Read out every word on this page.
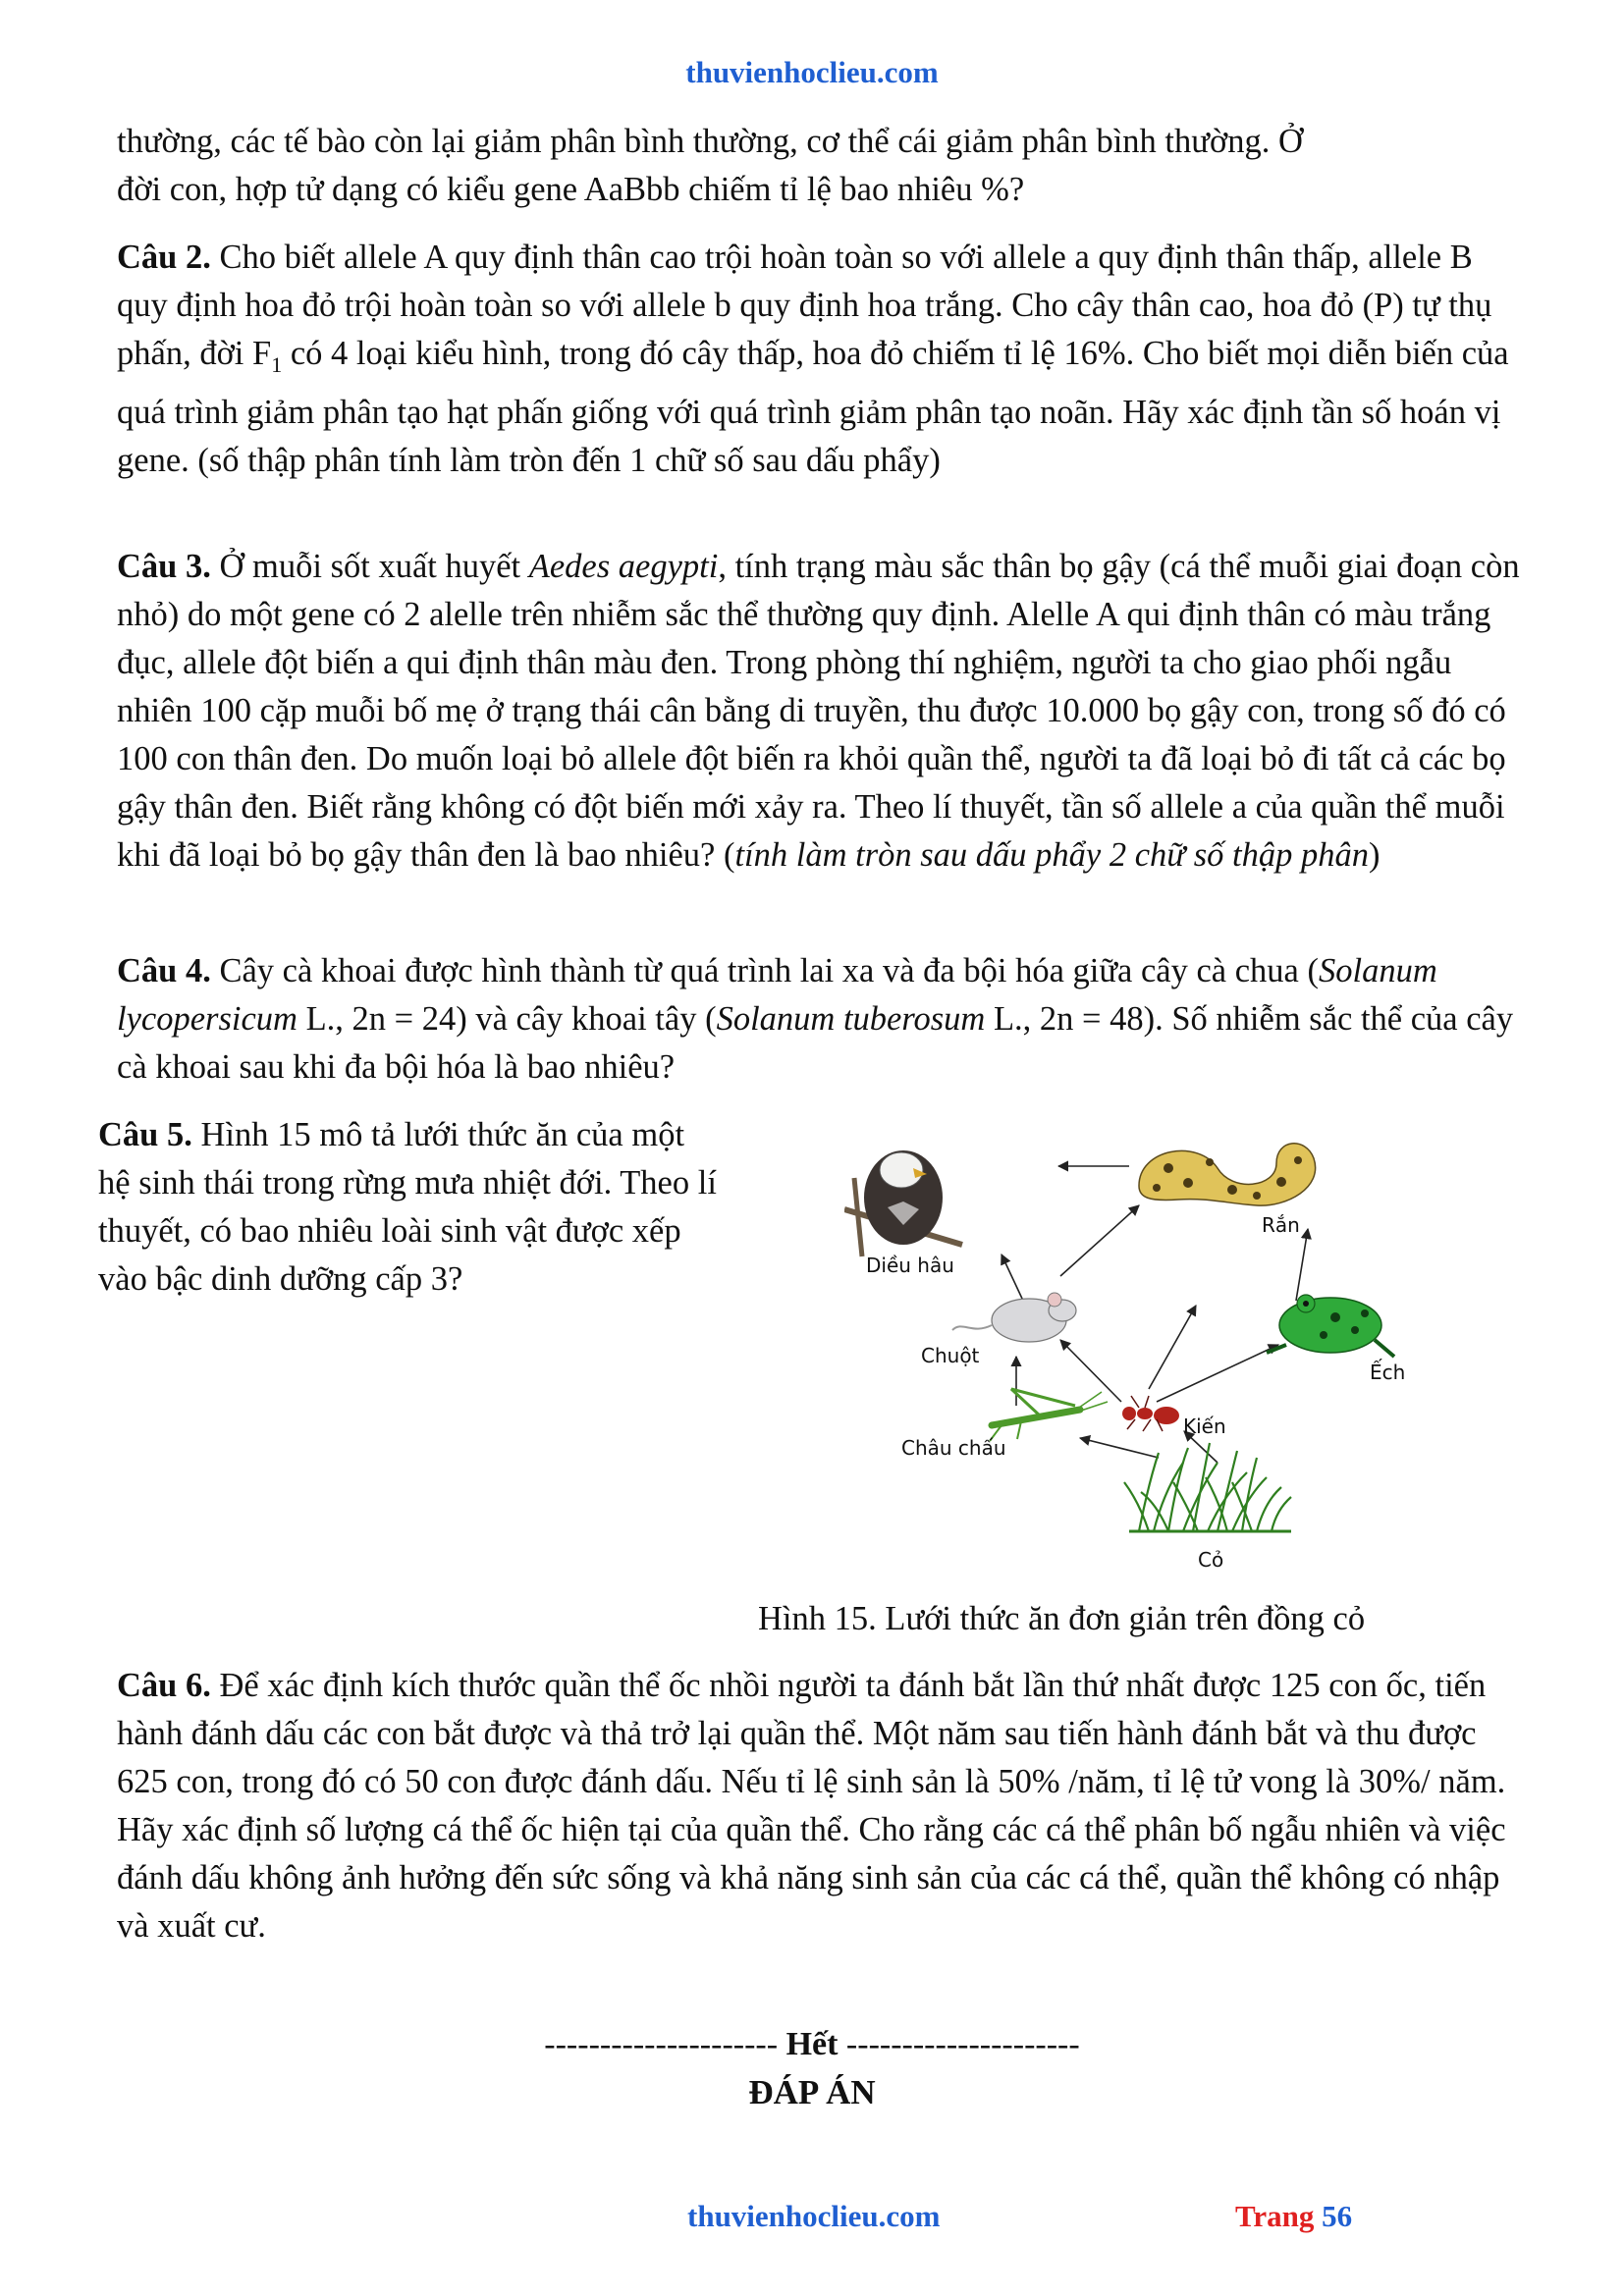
thuvienhoclieu.com

thường, các tế bào còn lại giảm phân bình thường, cơ thể cái giảm phân bình thường. Ở
đời con, hợp tử dạng có kiểu gene AaBbb chiếm tỉ lệ bao nhiêu %?

Câu 2. Cho biết allele A quy định thân cao trội hoàn toàn so với allele a quy định thân thấp, allele B quy định hoa đỏ trội hoàn toàn so với allele b quy định hoa trắng. Cho cây thân cao, hoa đỏ (P) tự thụ phấn, đời $F_1$ có 4 loại kiểu hình, trong đó cây thấp, hoa đỏ chiếm tỉ lệ 16%. Cho biết mọi diễn biến của quá trình giảm phân tạo hạt phấn giống với quá trình giảm phân tạo noãn. Hãy xác định tần số hoán vị gene. (số thập phân tính làm tròn đến 1 chữ số sau dấu phẩy)

Câu 3. Ở muỗi sốt xuất huyết Aedes aegypti, tính trạng màu sắc thân bọ gậy (cá thể muỗi giai đoạn còn nhỏ) do một gene có 2 alelle trên nhiễm sắc thể thường quy định. Alelle A qui định thân có màu trắng đục, allele đột biến a qui định thân màu đen. Trong phòng thí nghiệm, người ta cho giao phối ngẫu nhiên 100 cặp muỗi bố mẹ ở trạng thái cân bằng di truyền, thu được 10.000 bọ gậy con, trong số đó có 100 con thân đen. Do muốn loại bỏ allele đột biến ra khỏi quần thể, người ta đã loại bỏ đi tất cả các bọ gậy thân đen. Biết rằng không có đột biến mới xảy ra. Theo lí thuyết, tần số allele a của quần thể muỗi khi đã loại bỏ bọ gậy thân đen là bao nhiêu? (tính làm tròn sau dấu phẩy 2 chữ số thập phân)

Câu 4. Cây cà khoai được hình thành từ quá trình lai xa và đa bội hóa giữa cây cà chua (Solanum lycopersicum L., 2n = 24) và cây khoai tây (Solanum tuberosum L., 2n = 48). Số nhiễm sắc thể của cây cà khoai sau khi đa bội hóa là bao nhiêu?

Câu 5. Hình 15 mô tả lưới thức ăn của một hệ sinh thái trong rừng mưa nhiệt đới. Theo lí thuyết, có bao nhiêu loài sinh vật được xếp vào bậc dinh dưỡng cấp 3?	Diều hâu
Rắn
Chuột
Ếch
Châu chấu
Kiến
Cỏ
Hình 15. Lưới thức ăn đơn giản trên đồng cỏ

Câu 6. Để xác định kích thước quần thể ốc nhồi người ta đánh bắt lần thứ nhất được 125 con ốc, tiến hành đánh dấu các con bắt được và thả trở lại quần thể. Một năm sau tiến hành đánh bắt và thu được 625 con, trong đó có 50 con được đánh dấu. Nếu tỉ lệ sinh sản là 50% /năm, tỉ lệ tử vong là 30%/ năm. Hãy xác định số lượng cá thể ốc hiện tại của quần thể. Cho rằng các cá thể phân bố ngẫu nhiên và việc đánh dấu không ảnh hưởng đến sức sống và khả năng sinh sản của các cá thể, quần thể không có nhập và xuất cư.

--------------------- Hết ---------------------
ĐÁP ÁN
thuvienhoclieu.com	Trang 56
